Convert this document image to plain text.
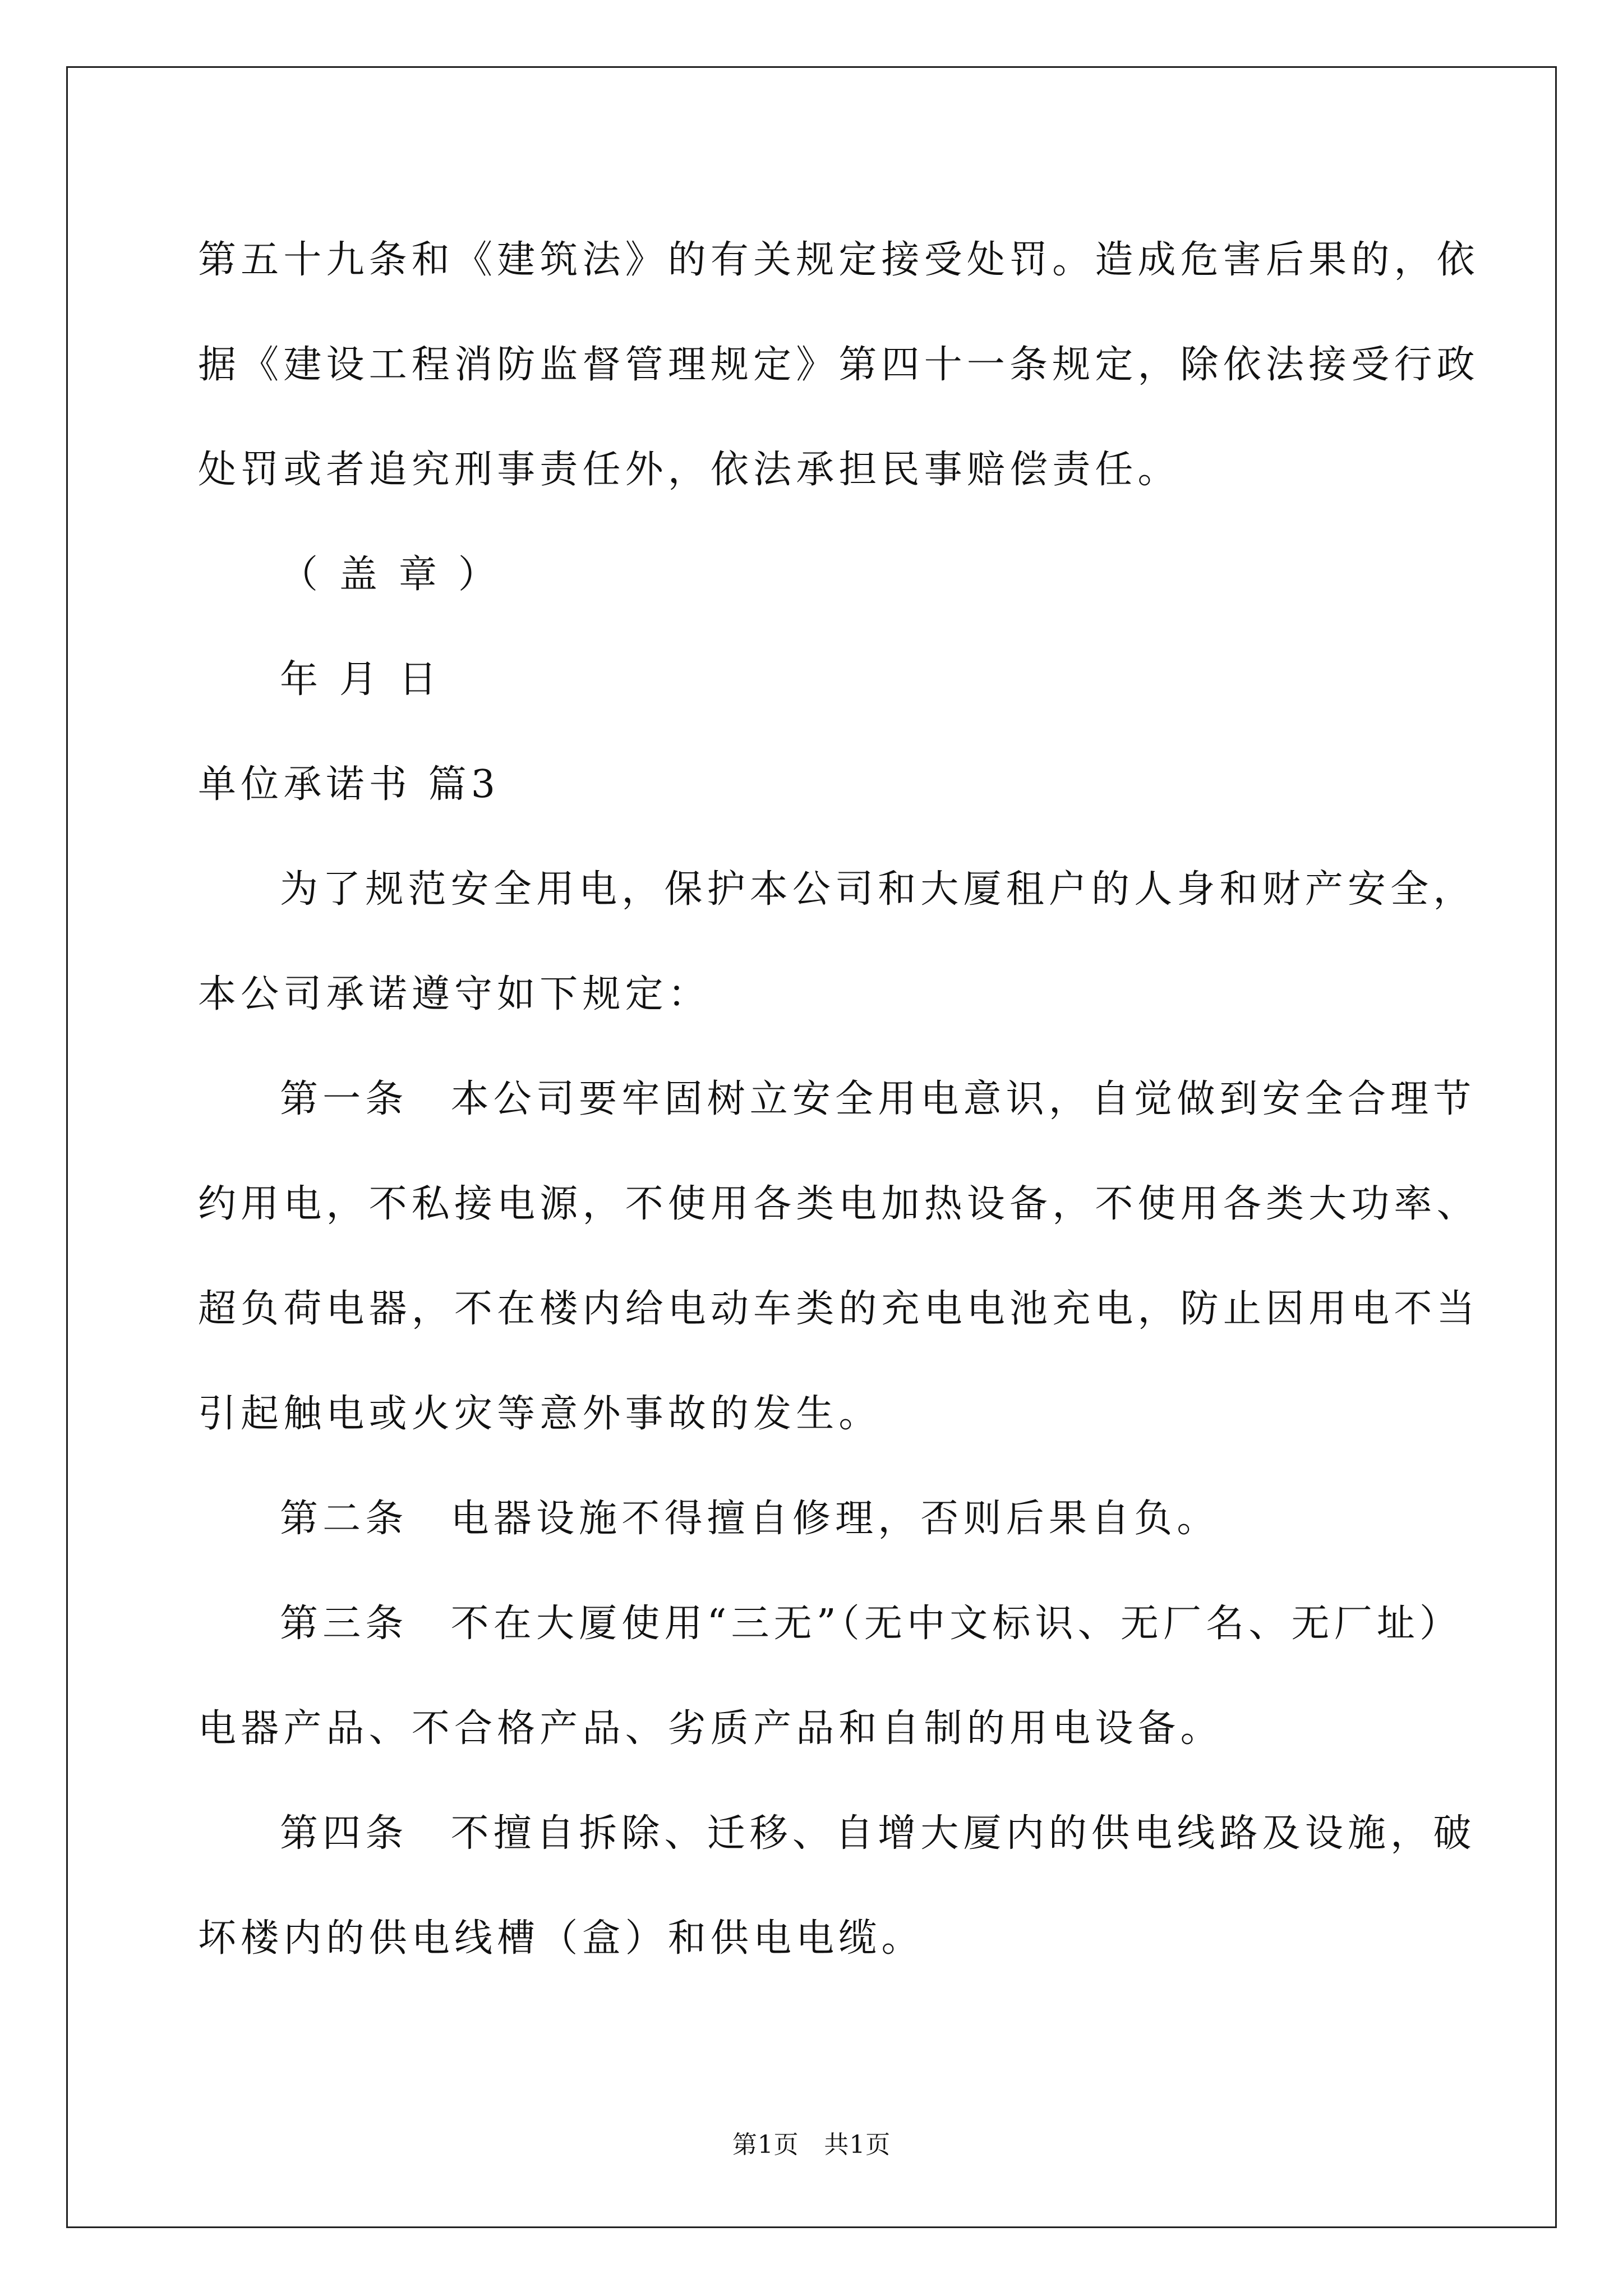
第五十九条和《建筑法》的有关规定接受处罚。造成危害后果的，依
据《建设工程消防监督管理规定》第四十一条规定，除依法接受行政
处罚或者追究刑事责任外，依法承担民事赔偿责任。
（ 盖 章 ）
年 月 日
单位承诺书 篇3
为了规范安全用电，保护本公司和大厦租户的人身和财产安全，
本公司承诺遵守如下规定：
第一条　本公司要牢固树立安全用电意识，自觉做到安全合理节
约用电，不私接电源，不使用各类电加热设备，不使用各类大功率、
超负荷电器，不在楼内给电动车类的充电电池充电，防止因用电不当
引起触电或火灾等意外事故的发生。
第二条　电器设施不得擅自修理，否则后果自负。
第三条　不在大厦使用“三无”（无中文标识、无厂名、无厂址）
电器产品、不合格产品、劣质产品和自制的用电设备。
第四条　不擅自拆除、迁移、自增大厦内的供电线路及设施，破
坏楼内的供电线槽（盒）和供电电缆。
第1页　共1页
